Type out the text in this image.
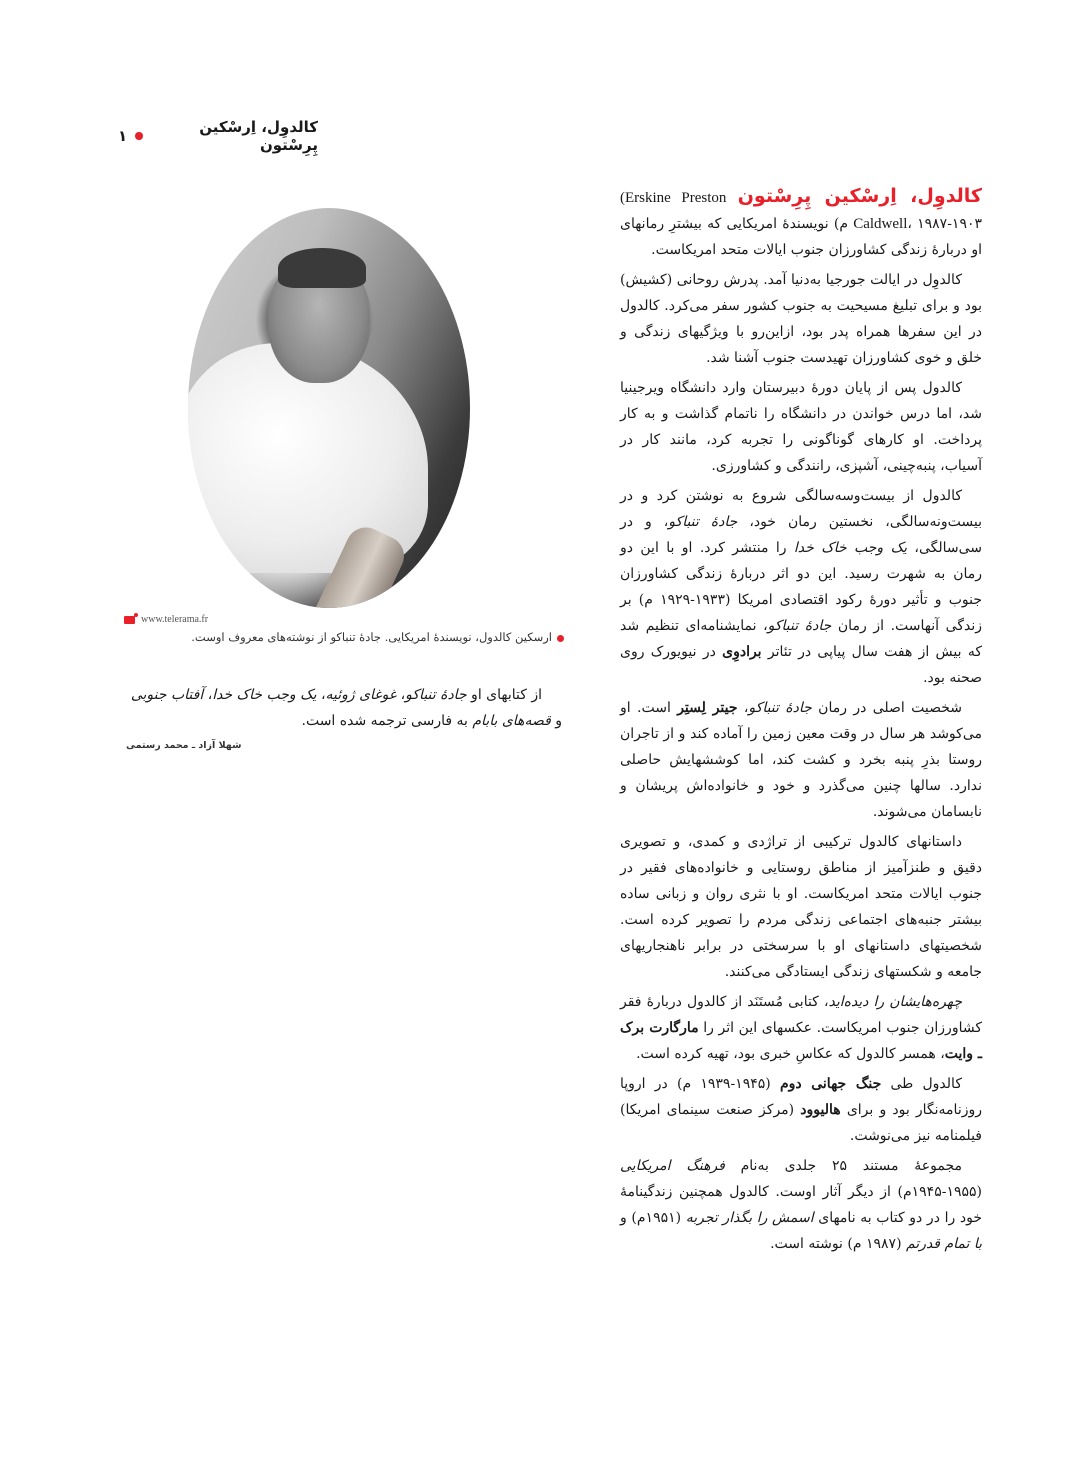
کالدوِل، اِرسْکین پِرِسْتون
۱

کالدوِل، اِرسْکین پِرِسْتون (Erskine Preston Caldwell، ۱۹۸۷-۱۹۰۳ م) نویسندۀ امریکایی که بیشترِ رمانهای او دربارۀ زندگی کشاورزان جنوب ایالات متحد امریکاست.

کالدوِل در ایالت جورجیا به‌دنیا آمد. پدرش روحانی (کشیش) بود و برای تبلیغ مسیحیت به جنوب کشور سفر می‌کرد. کالدول در این سفرها همراه پدر بود، ازاین‌رو با ویژگیهای زندگی و خلق و خوی کشاورزان تهیدست جنوب آشنا شد.

کالدول پس از پایان دورۀ دبیرستان وارد دانشگاه ویرجینیا شد، اما درس خواندن در دانشگاه را ناتمام گذاشت و به کار پرداخت. او کارهای گوناگونی را تجربه کرد، مانند کار در آسیاب، پنبه‌چینی، آشپزی، رانندگی و کشاورزی.

کالدول از بیست‌وسه‌سالگی شروع به نوشتن کرد و در بیست‌ونه‌سالگی، نخستین رمان خود، جادۀ تنباکو، و در سی‌سالگی، یک وجب خاک خدا را منتشر کرد. او با این دو رمان به شهرت رسید. این دو اثر دربارۀ زندگی کشاورزان جنوب و تأثیر دورۀ رکود اقتصادی امریکا (۱۹۳۳-۱۹۲۹ م) بر زندگی آنهاست. از رمان جادۀ تنباکو، نمایشنامه‌ای تنظیم شد که بیش از هفت سال پیاپی در تئاتر برادوِی در نیویورک روی صحنه بود.

شخصیت اصلی در رمان جادۀ تنباکو، جیتر لِستِر است. او می‌کوشد هر سال در وقت معین زمین را آماده کند و از تاجران روستا بذرِ پنبه بخرد و کشت کند، اما کوششهایش حاصلی ندارد. سالها چنین می‌گذرد و خود و خانواده‌اش پریشان و نابسامان می‌شوند.

داستانهای کالدول ترکیبی از تراژدی و کمدی، و تصویری دقیق و طنزآمیز از مناطق روستایی و خانواده‌های فقیر در جنوب ایالات متحد امریکاست. او با نثری روان و زبانی ساده بیشتر جنبه‌های اجتماعی زندگی مردم را تصویر کرده است. شخصیتهای داستانهای او با سرسختی در برابر ناهنجاریهای جامعه و شکستهای زندگی ایستادگی می‌کنند.

چهره‌هایشان را دیده‌اید، کتابی مُستَنَد از کالدول دربارۀ فقر کشاورزان جنوب امریکاست. عکسهای این اثر را مارگارت برک ـ وایت، همسر کالدول که عکاسِ خبری بود، تهیه کرده است.

کالدول طی جنگ جهانی دوم (۱۹۴۵-۱۹۳۹ م) در اروپا روزنامه‌نگار بود و برای هالیوود (مرکز صنعت سینمای امریکا) فیلمنامه نیز می‌نوشت.

مجموعۀ مستند ۲۵ جلدی به‌نام فرهنگ امریکایی (۱۹۵۵-۱۹۴۵م) از دیگر آثار اوست. کالدول همچنین زندگینامۀ خود را در دو کتاب به نامهای اسمش را بگذار تجربه (۱۹۵۱م) و با تمام قدرتم (۱۹۸۷ م) نوشته است.

www.telerama.fr
ارسکین کالدول، نویسندۀ امریکایی. جادۀ تنباکو از نوشته‌های معروف اوست.

از کتابهای او جادۀ تنباکو، غوغای ژوئیه، یک وجب خاک خدا، آفتاب جنوبی و قصه‌های بابام به فارسی ترجمه شده است.

شهلا آزاد ـ محمد رستمی
